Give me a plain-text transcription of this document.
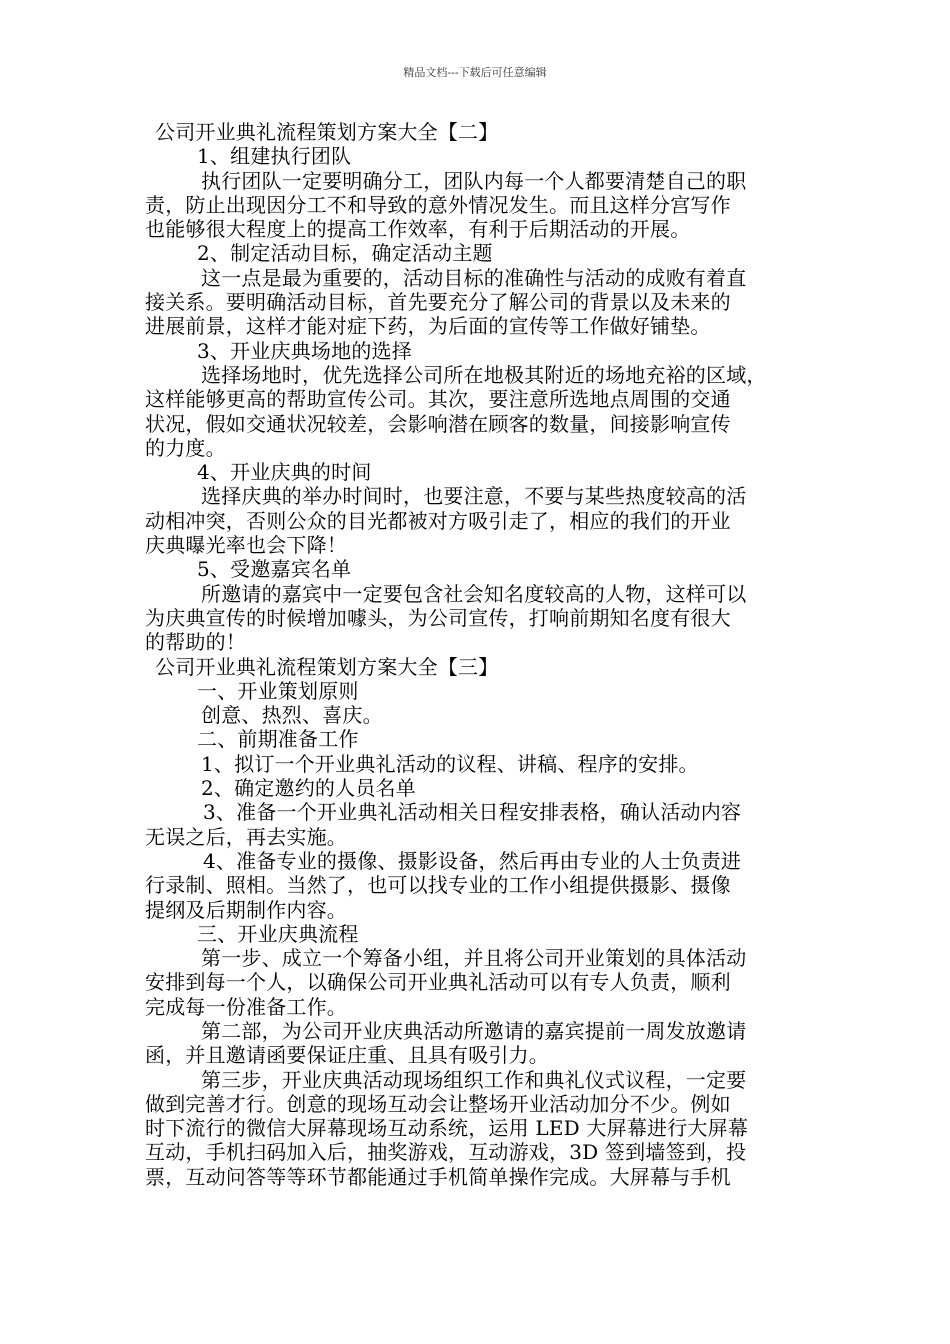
精品文档---下载后可任意编辑
公司开业典礼流程策划方案大全【二】
1、组建执行团队
执行团队一定要明确分工，团队内每一个人都要清楚自己的职
责，防止出现因分工不和导致的意外情况发生。而且这样分宫写作
也能够很大程度上的提高工作效率，有利于后期活动的开展。
2、制定活动目标，确定活动主题
这一点是最为重要的，活动目标的准确性与活动的成败有着直
接关系。要明确活动目标，首先要充分了解公司的背景以及未来的
进展前景，这样才能对症下药，为后面的宣传等工作做好铺垫。
3、开业庆典场地的选择
选择场地时，优先选择公司所在地极其附近的场地充裕的区域，
这样能够更高的帮助宣传公司。其次，要注意所选地点周围的交通
状况，假如交通状况较差，会影响潜在顾客的数量，间接影响宣传
的力度。
4、开业庆典的时间
选择庆典的举办时间时，也要注意，不要与某些热度较高的活
动相冲突，否则公众的目光都被对方吸引走了，相应的我们的开业
庆典曝光率也会下降！
5、受邀嘉宾名单
所邀请的嘉宾中一定要包含社会知名度较高的人物，这样可以
为庆典宣传的时候增加噱头，为公司宣传，打响前期知名度有很大
的帮助的！
公司开业典礼流程策划方案大全【三】
一、开业策划原则
创意、热烈、喜庆。
二、前期准备工作
1、拟订一个开业典礼活动的议程、讲稿、程序的安排。
2、确定邀约的人员名单
3、准备一个开业典礼活动相关日程安排表格，确认活动内容
无误之后，再去实施。
4、准备专业的摄像、摄影设备，然后再由专业的人士负责进
行录制、照相。当然了，也可以找专业的工作小组提供摄影、摄像
提纲及后期制作内容。
三、开业庆典流程
第一步、成立一个筹备小组，并且将公司开业策划的具体活动
安排到每一个人，以确保公司开业典礼活动可以有专人负责，顺利
完成每一份准备工作。
第二部，为公司开业庆典活动所邀请的嘉宾提前一周发放邀请
函，并且邀请函要保证庄重、且具有吸引力。
第三步，开业庆典活动现场组织工作和典礼仪式议程，一定要
做到完善才行。创意的现场互动会让整场开业活动加分不少。例如
时下流行的微信大屏幕现场互动系统，运用 LED 大屏幕进行大屏幕
互动，手机扫码加入后，抽奖游戏，互动游戏，3D 签到墙签到，投
票，互动问答等等环节都能通过手机简单操作完成。大屏幕与手机
